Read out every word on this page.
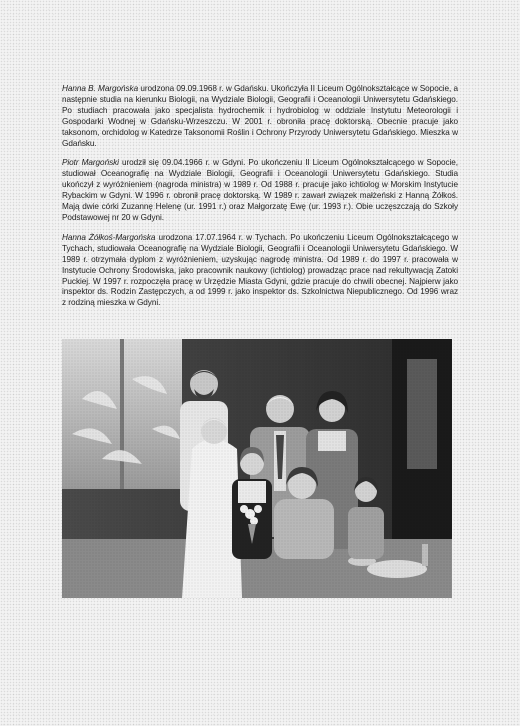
Hanna B. Margońska urodzona 09.09.1968 r. w Gdańsku. Ukończyła II Liceum Ogólnokształcące w Sopocie, a następnie studia na kierunku Biologii, na Wydziale Biologii, Geografii i Oceanologii Uniwersytetu Gdańskiego. Po studiach pracowała jako specjalista hydrochemik i hydrobiolog w oddziale Instytutu Meteorologii i Gospodarki Wodnej w Gdańsku-Wrzeszczu. W 2001 r. obroniła pracę doktorską. Obecnie pracuje jako taksonom, orchidolog w Katedrze Taksonomii Roślin i Ochrony Przyrody Uniwersytetu Gdańskiego. Mieszka w Gdańsku.

Piotr Margoński urodził się 09.04.1966 r. w Gdyni. Po ukończeniu II Liceum Ogólnokształcącego w Sopocie, studiował Oceanografię na Wydziale Biologii, Geografii i Oceanologii Uniwersytetu Gdańskiego. Studia ukończył z wyróżnieniem (nagroda ministra) w 1989 r. Od 1988 r. pracuje jako ichtiolog w Morskim Instytucie Rybackim w Gdyni. W 1996 r. obronił pracę doktorską. W 1989 r. zawarł związek małżeński z Hanną Żółkoś. Mają dwie córki Zuzannę Helenę (ur. 1991 r.) oraz Małgorzatę Ewę (ur. 1993 r.). Obie uczęszczają do Szkoły Podstawowej nr 20 w Gdyni.

Hanna Żółkoś-Margońska urodzona 17.07.1964 r. w Tychach. Po ukończeniu Liceum Ogólnokształcącego w Tychach, studiowała Oceanografię na Wydziale Biologii, Geografii i Oceanologii Uniwersytetu Gdańskiego. W 1989 r. otrzymała dyplom z wyróżnieniem, uzyskując nagrodę ministra. Od 1989 r. do 1997 r. pracowała w Instytucie Ochrony Środowiska, jako pracownik naukowy (ichtiolog) prowadząc prace nad rekultywacją Zatoki Puckiej. W 1997 r. rozpoczęła pracę w Urzędzie Miasta Gdyni, gdzie pracuje do chwili obecnej. Najpierw jako inspektor ds. Rodzin Zastępczych, a od 1999 r. jako inspektor ds. Szkolnictwa Niepublicznego. Od 1996 wraz z rodziną mieszka w Gdyni.
